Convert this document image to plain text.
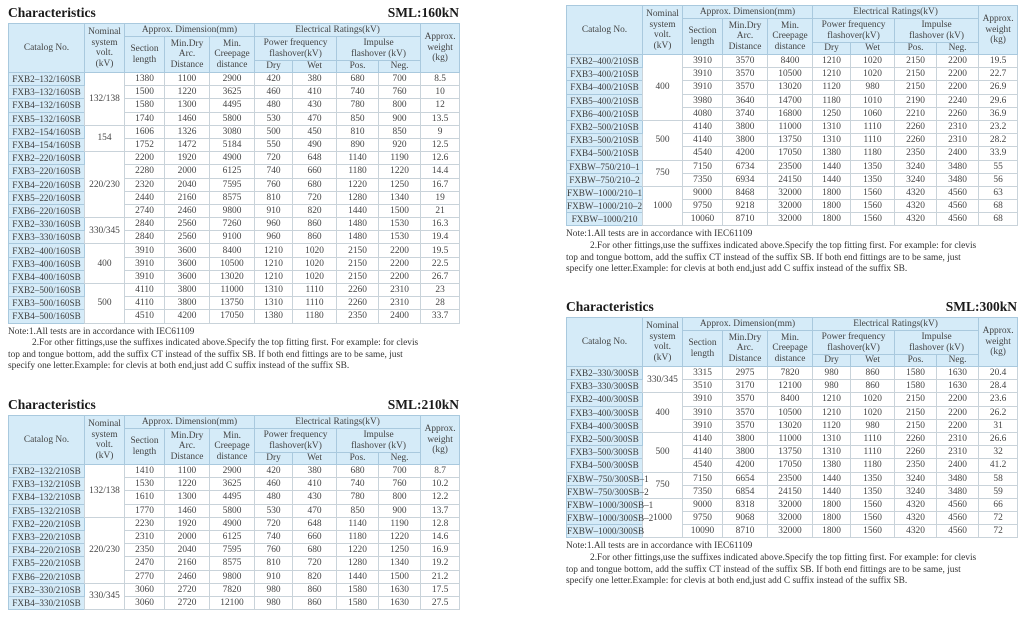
Characteristics	SML:160kN
Catalog No.	Nominal
system
volt.
(kV)	Approx. Dimension(mm)			Electrical Ratings(kV)				Approx.
weight
(kg)
		Section
length	Min.Dry
Arc.
Distance	Min.
Creepage
distance	Power frequency
flashover(kV)		Impulse
flashover (kV)		
					Dry	Wet	Pos.	Neg.	
FXB2–132/160SB	132/138	1380	1100	2900	420	380	680	700	8.5
FXB3–132/160SB		1500	1220	3625	460	410	740	760	10
FXB4–132/160SB		1580	1300	4495	480	430	780	800	12
FXB5–132/160SB		1740	1460	5800	530	470	850	900	13.5
FXB2–154/160SB	154	1606	1326	3080	500	450	810	850	9
FXB4–154/160SB		1752	1472	5184	550	490	890	920	12.5
FXB2–220/160SB	220/230	2200	1920	4900	720	648	1140	1190	12.6
FXB3–220/160SB		2280	2000	6125	740	660	1180	1220	14.4
FXB4–220/160SB		2320	2040	7595	760	680	1220	1250	16.7
FXB5–220/160SB		2440	2160	8575	810	720	1280	1340	19
FXB6–220/160SB		2740	2460	9800	910	820	1440	1500	21
FXB2–330/160SB	330/345	2840	2560	7260	960	860	1480	1530	16.3
FXB3–330/160SB		2840	2560	9100	960	860	1480	1530	19.4
FXB2–400/160SB	400	3910	3600	8400	1210	1020	2150	2200	19.5
FXB3–400/160SB		3910	3600	10500	1210	1020	2150	2200	22.5
FXB4–400/160SB		3910	3600	13020	1210	1020	2150	2200	26.7
FXB2–500/160SB	500	4110	3800	11000	1310	1110	2260	2310	23
FXB3–500/160SB		4110	3800	13750	1310	1110	2260	2310	28
FXB4–500/160SB		4510	4200	17050	1380	1180	2350	2400	33.7
Note:1.All tests are in accordance with IEC61109
2.For other fittings,use the suffixes indicated above.Specify the top fitting first. For example: for clevis
top and tongue bottom, add the suffix CT instead of the suffix SB. If both end fittings are to be same, just
specify one letter.Example: for clevis at both end,just add C suffix instead of the suffix SB.
Characteristics	SML:210kN
Catalog No.	Nominal
system
volt.
(kV)	Approx. Dimension(mm)			Electrical Ratings(kV)				Approx.
weight
(kg)
		Section
length	Min.Dry
Arc.
Distance	Min.
Creepage
distance	Power frequency
flashover(kV)		Impulse
flashover (kV)		
					Dry	Wet	Pos.	Neg.	
FXB2–132/210SB	132/138	1410	1100	2900	420	380	680	700	8.7
FXB3–132/210SB		1530	1220	3625	460	410	740	760	10.2
FXB4–132/210SB		1610	1300	4495	480	430	780	800	12.2
FXB5–132/210SB		1770	1460	5800	530	470	850	900	13.7
FXB2–220/210SB	220/230	2230	1920	4900	720	648	1140	1190	12.8
FXB3–220/210SB		2310	2000	6125	740	660	1180	1220	14.6
FXB4–220/210SB		2350	2040	7595	760	680	1220	1250	16.9
FXB5–220/210SB		2470	2160	8575	810	720	1280	1340	19.2
FXB6–220/210SB		2770	2460	9800	910	820	1440	1500	21.2
FXB2–330/210SB	330/345	3060	2720	7820	980	860	1580	1630	17.5
FXB4–330/210SB		3060	2720	12100	980	860	1580	1630	27.5
Catalog No.	Nominal
system
volt.
(kV)	Approx. Dimension(mm)			Electrical Ratings(kV)				Approx.
weight
(kg)
		Section
length	Min.Dry
Arc.
Distance	Min.
Creepage
distance	Power frequency
flashover(kV)		Impulse
flashover (kV)		
					Dry	Wet	Pos.	Neg.	
FXB2–400/210SB	400	3910	3570	8400	1210	1020	2150	2200	19.5
FXB3–400/210SB		3910	3570	10500	1210	1020	2150	2200	22.7
FXB4–400/210SB		3910	3570	13020	1120	980	2150	2200	26.9
FXB5–400/210SB		3980	3640	14700	1180	1010	2190	2240	29.6
FXB6–400/210SB		4080	3740	16800	1250	1060	2210	2260	36.9
FXB2–500/210SB	500	4140	3800	11000	1310	1110	2260	2310	23.2
FXB3–500/210SB		4140	3800	13750	1310	1110	2260	2310	28.2
FXB4–500/210SB		4540	4200	17050	1380	1180	2350	2400	33.9
FXBW–750/210–1	750	7150	6734	23500	1440	1350	3240	3480	55
FXBW–750/210–2		7350	6934	24150	1440	1350	3240	3480	56
FXBW–1000/210–1	1000	9000	8468	32000	1800	1560	4320	4560	63
FXBW–1000/210–2		9750	9218	32000	1800	1560	4320	4560	68
FXBW–1000/210		10060	8710	32000	1800	1560	4320	4560	68
Note:1.All tests are in accordance with IEC61109
2.For other fittings,use the suffixes indicated above.Specify the top fitting first. For example: for clevis
top and tongue bottom, add the suffix CT instead of the suffix SB. If both end fittings are to be same, just
specify one letter.Example: for clevis at both end,just add C suffix instead of the suffix SB.
Characteristics	SML:300kN
Catalog No.	Nominal
system
volt.
(kV)	Approx. Dimension(mm)			Electrical Ratings(kV)				Approx.
weight
(kg)
		Section
length	Min.Dry
Arc.
Distance	Min.
Creepage
distance	Power frequency
flashover(kV)		Impulse
flashover (kV)		
					Dry	Wet	Pos.	Neg.	
FXB2–330/300SB	330/345	3315	2975	7820	980	860	1580	1630	20.4
FXB3–330/300SB		3510	3170	12100	980	860	1580	1630	28.4
FXB2–400/300SB	400	3910	3570	8400	1210	1020	2150	2200	23.6
FXB3–400/300SB		3910	3570	10500	1210	1020	2150	2200	26.2
FXB4–400/300SB		3910	3570	13020	1120	980	2150	2200	31
FXB2–500/300SB	500	4140	3800	11000	1310	1110	2260	2310	26.6
FXB3–500/300SB		4140	3800	13750	1310	1110	2260	2310	32
FXB4–500/300SB		4540	4200	17050	1380	1180	2350	2400	41.2
FXBW–750/300SB–1	750	7150	6654	23500	1440	1350	3240	3480	58
FXBW–750/300SB–2		7350	6854	24150	1440	1350	3240	3480	59
FXBW–1000/300SB–1	1000	9000	8318	32000	1800	1560	4320	4560	66
FXBW–1000/300SB–2		9750	9068	32000	1800	1560	4320	4560	72
FXBW–1000/300SB		10090	8710	32000	1800	1560	4320	4560	72
Note:1.All tests are in accordance with IEC61109
2.For other fittings,use the suffixes indicated above.Specify the top fitting first. For example: for clevis
top and tongue bottom, add the suffix CT instead of the suffix SB. If both end fittings are to be same, just
specify one letter.Example: for clevis at both end,just add C suffix instead of the suffix SB.
